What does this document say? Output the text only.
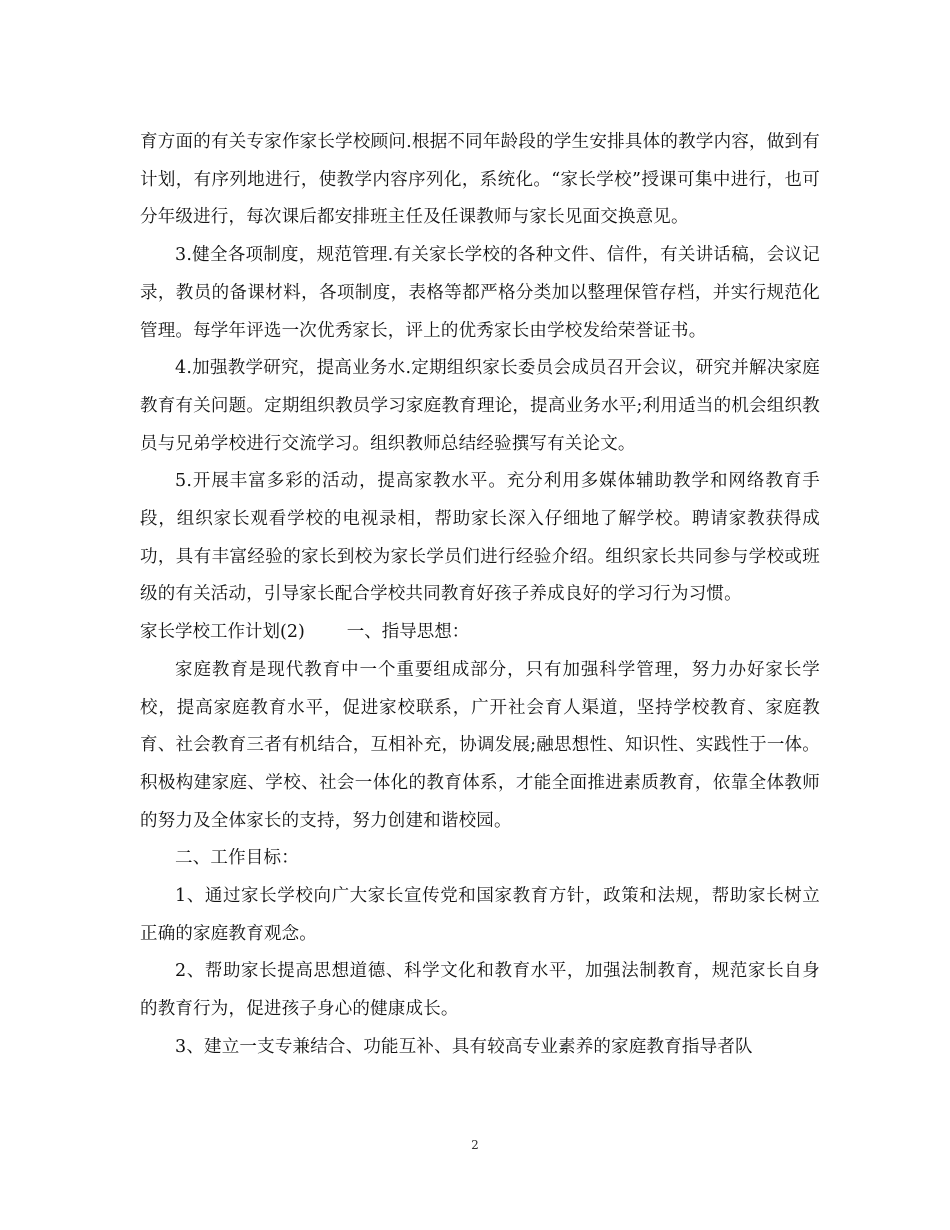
育方面的有关专家作家长学校顾问.根据不同年龄段的学生安排具体的教学内容，做到有计划，有序列地进行，使教学内容序列化，系统化。“家长学校”授课可集中进行，也可分年级进行，每次课后都安排班主任及任课教师与家长见面交换意见。

3.健全各项制度，规范管理.有关家长学校的各种文件、信件，有关讲话稿，会议记录，教员的备课材料，各项制度，表格等都严格分类加以整理保管存档，并实行规范化管理。每学年评选一次优秀家长，评上的优秀家长由学校发给荣誉证书。

4.加强教学研究，提高业务水.定期组织家长委员会成员召开会议，研究并解决家庭教育有关问题。定期组织教员学习家庭教育理论，提高业务水平;利用适当的机会组织教员与兄弟学校进行交流学习。组织教师总结经验撰写有关论文。

5.开展丰富多彩的活动，提高家教水平。充分利用多媒体辅助教学和网络教育手段，组织家长观看学校的电视录相，帮助家长深入仔细地了解学校。聘请家教获得成功，具有丰富经验的家长到校为家长学员们进行经验介绍。组织家长共同参与学校或班级的有关活动，引导家长配合学校共同教育好孩子养成良好的学习行为习惯。

家长学校工作计划(2) 一、指导思想：

家庭教育是现代教育中一个重要组成部分，只有加强科学管理，努力办好家长学校，提高家庭教育水平，促进家校联系，广开社会育人渠道，坚持学校教育、家庭教育、社会教育三者有机结合，互相补充，协调发展;融思想性、知识性、实践性于一体。积极构建家庭、学校、社会一体化的教育体系，才能全面推进素质教育，依靠全体教师的努力及全体家长的支持，努力创建和谐校园。

二、工作目标：

1、通过家长学校向广大家长宣传党和国家教育方针，政策和法规，帮助家长树立正确的家庭教育观念。

2、帮助家长提高思想道德、科学文化和教育水平，加强法制教育，规范家长自身的教育行为，促进孩子身心的健康成长。

3、建立一支专兼结合、功能互补、具有较高专业素养的家庭教育指导者队

2
